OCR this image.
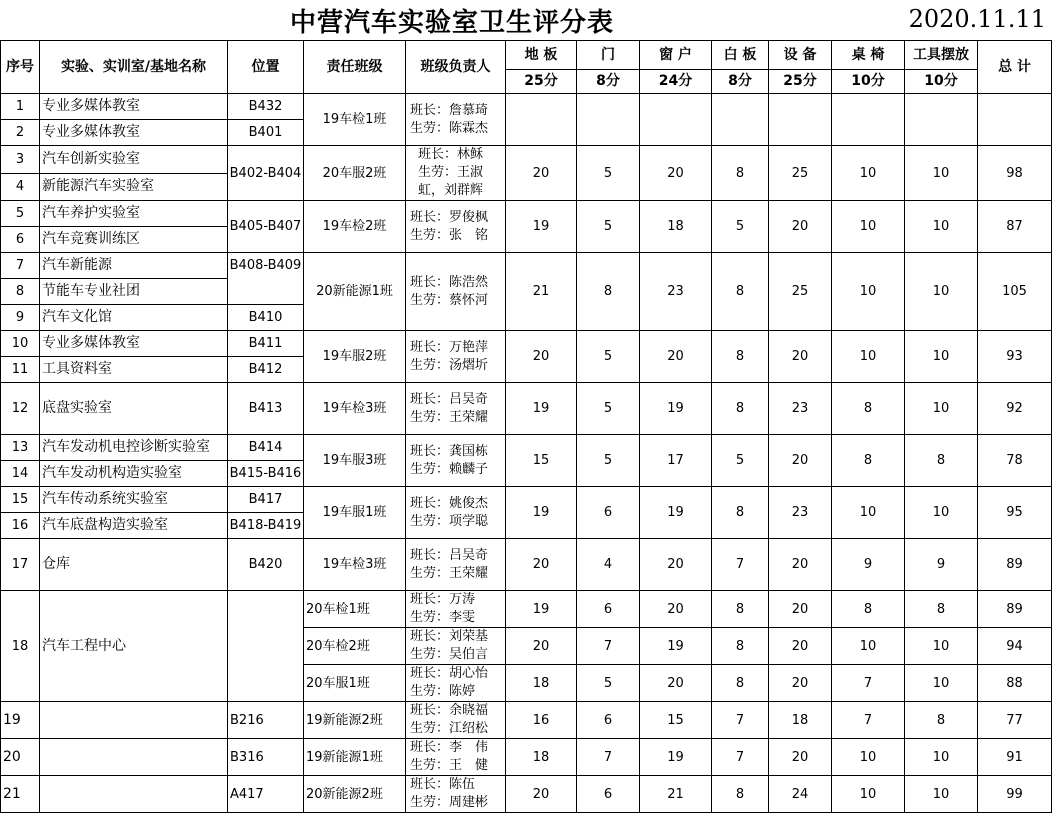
中营汽车实验室卫生评分表	2020.11.11
序号	实验、实训室/基地名称	位置	责任班级	班级负责人	地 板	门	窗 户	白 板	设 备	桌 椅	工具摆放	总 计
					25分	8分	24分	8分	25分	10分	10分	
1	专业多媒体教室	B432	19车检1班	班长：詹慕琦
生劳：陈霖杰								

2	专业多媒体教室	B401										
3	汽车创新实验室	B402-B404	20车服2班	班长：林稣
生劳：王淑虹，刘群辉	20	5	20	8	25	10	10	98
4	新能源汽车实验室											
5	汽车养护实验室	B405-B407	19车检2班	班长：罗俊枫
生劳：张　铭	19	5	18	5	20	10	10	87
6	汽车竞赛训练区											
7	汽车新能源	B408-B409	20新能源1班	班长：陈浩然
生劳：蔡怀河	21	8	23	8	25	10	10	105
8	节能车专业社团											
9	汽车文化馆	B410										
10	专业多媒体教室	B411	19车服2班	班长：万艳萍
生劳：汤熠圻	20	5	20	8	20	10	10	93
11	工具资料室	B412										
12	底盘实验室	B413	19车检3班	班长：吕吴奇
生劳：王荣耀	19	5	19	8	23	8	10	92
13	汽车发动机电控诊断实验室	B414	19车服3班	班长：龚国栋
生劳：赖麟子	15	5	17	5	20	8	8	78
14	汽车发动机构造实验室	B415-B416										
15	汽车传动系统实验室	B417	19车服1班	班长：姚俊杰
生劳：项学聪	19	6	19	8	23	10	10	95
16	汽车底盘构造实验室	B418-B419										
17	仓库	B420	19车检3班	班长：吕吴奇
生劳：王荣耀	20	4	20	7	20	9	9	89
18	汽车工程中心		20车检1班	班长：万涛
生劳：李雯	19	6	20	8	20	8	8	89
			20车检2班	班长：刘荣基
生劳：吴伯言	20	7	19	8	20	10	10	94
			20车服1班	班长：胡心怡
生劳：陈婷	18	5	20	8	20	7	10	88
19		B216	19新能源2班	班长：余晓福
生劳：江绍松	16	6	15	7	18	7	8	77
20		B316	19新能源1班	班长：李　伟
生劳：王　健	18	7	19	7	20	10	10	91
21		A417	20新能源2班	班长：陈伍
生劳：周建彬	20	6	21	8	24	10	10	99
